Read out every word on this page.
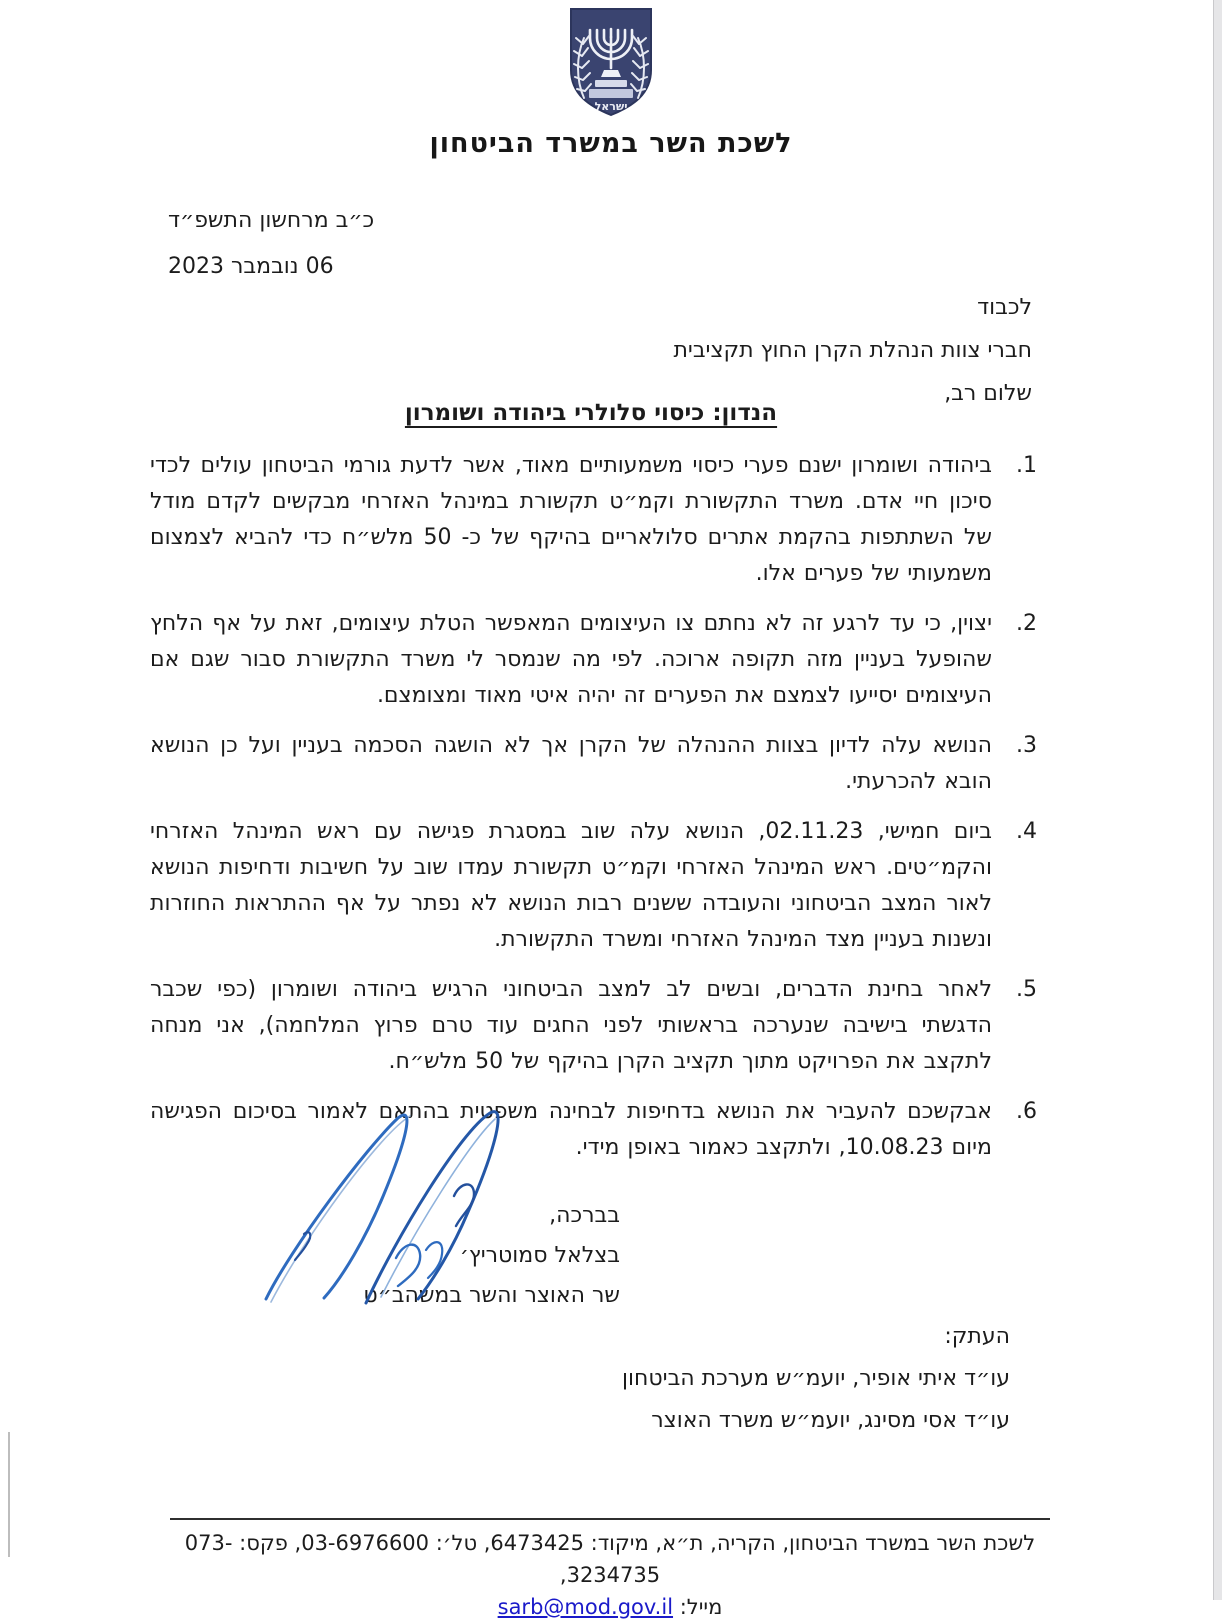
ישראל
לשכת השר במשרד הביטחון
כ״ב מרחשון התשפ״ד
06 נובמבר 2023
לכבוד
חברי צוות הנהלת הקרן החוץ תקציבית
שלום רב,
הנדון: כיסוי סלולרי ביהודה ושומרון
1.

ביהודה ושומרון ישנם פערי כיסוי משמעותיים מאוד, אשר לדעת גורמי הביטחון עולים לכדי סיכון חיי אדם. משרד התקשורת וקמ״ט תקשורת במינהל האזרחי מבקשים לקדם מודל של השתתפות בהקמת אתרים סלולאריים בהיקף של כ- 50 מלש״ח כדי להביא לצמצום משמעותי של פערים אלו.

2.

יצוין, כי עד לרגע זה לא נחתם צו העיצומים המאפשר הטלת עיצומים, זאת על אף הלחץ שהופעל בעניין מזה תקופה ארוכה. לפי מה שנמסר לי משרד התקשורת סבור שגם אם העיצומים יסייעו לצמצם את הפערים זה יהיה איטי מאוד ומצומצם.

3.

הנושא עלה לדיון בצוות ההנהלה של הקרן אך לא הושגה הסכמה בעניין ועל כן הנושא הובא להכרעתי.

4.

ביום חמישי, 02.11.23, הנושא עלה שוב במסגרת פגישה עם ראש המינהל האזרחי והקמ״טים. ראש המינהל האזרחי וקמ״ט תקשורת עמדו שוב על חשיבות ודחיפות הנושא לאור המצב הביטחוני והעובדה ששנים רבות הנושא לא נפתר על אף ההתראות החוזרות ונשנות בעניין מצד המינהל האזרחי ומשרד התקשורת.

5.

לאחר בחינת הדברים, ובשים לב למצב הביטחוני הרגיש ביהודה ושומרון (כפי שכבר הדגשתי בישיבה שנערכה בראשותי לפני החגים עוד טרם פרוץ המלחמה), אני מנחה לתקצב את הפרויקט מתוך תקציב הקרן בהיקף של 50 מלש״ח.

6.

אבקשכם להעביר את הנושא בדחיפות לבחינה משפטית בהתאם לאמור בסיכום הפגישה מיום 10.08.23, ולתקצב כאמור באופן מידי.

בברכה,
בצלאל סמוטריץ׳
שר האוצר והשר במשהב״ט
העתק:
עו״ד איתי אופיר, יועמ״ש מערכת הביטחון
עו״ד אסי מסינג, יועמ״ש משרד האוצר
לשכת השר במשרד הביטחון, הקריה, ת״א, מיקוד: 6473425, טל׳: 03-6976600, פקס: 073-3234735,
מייל: sarb@mod.gov.il
